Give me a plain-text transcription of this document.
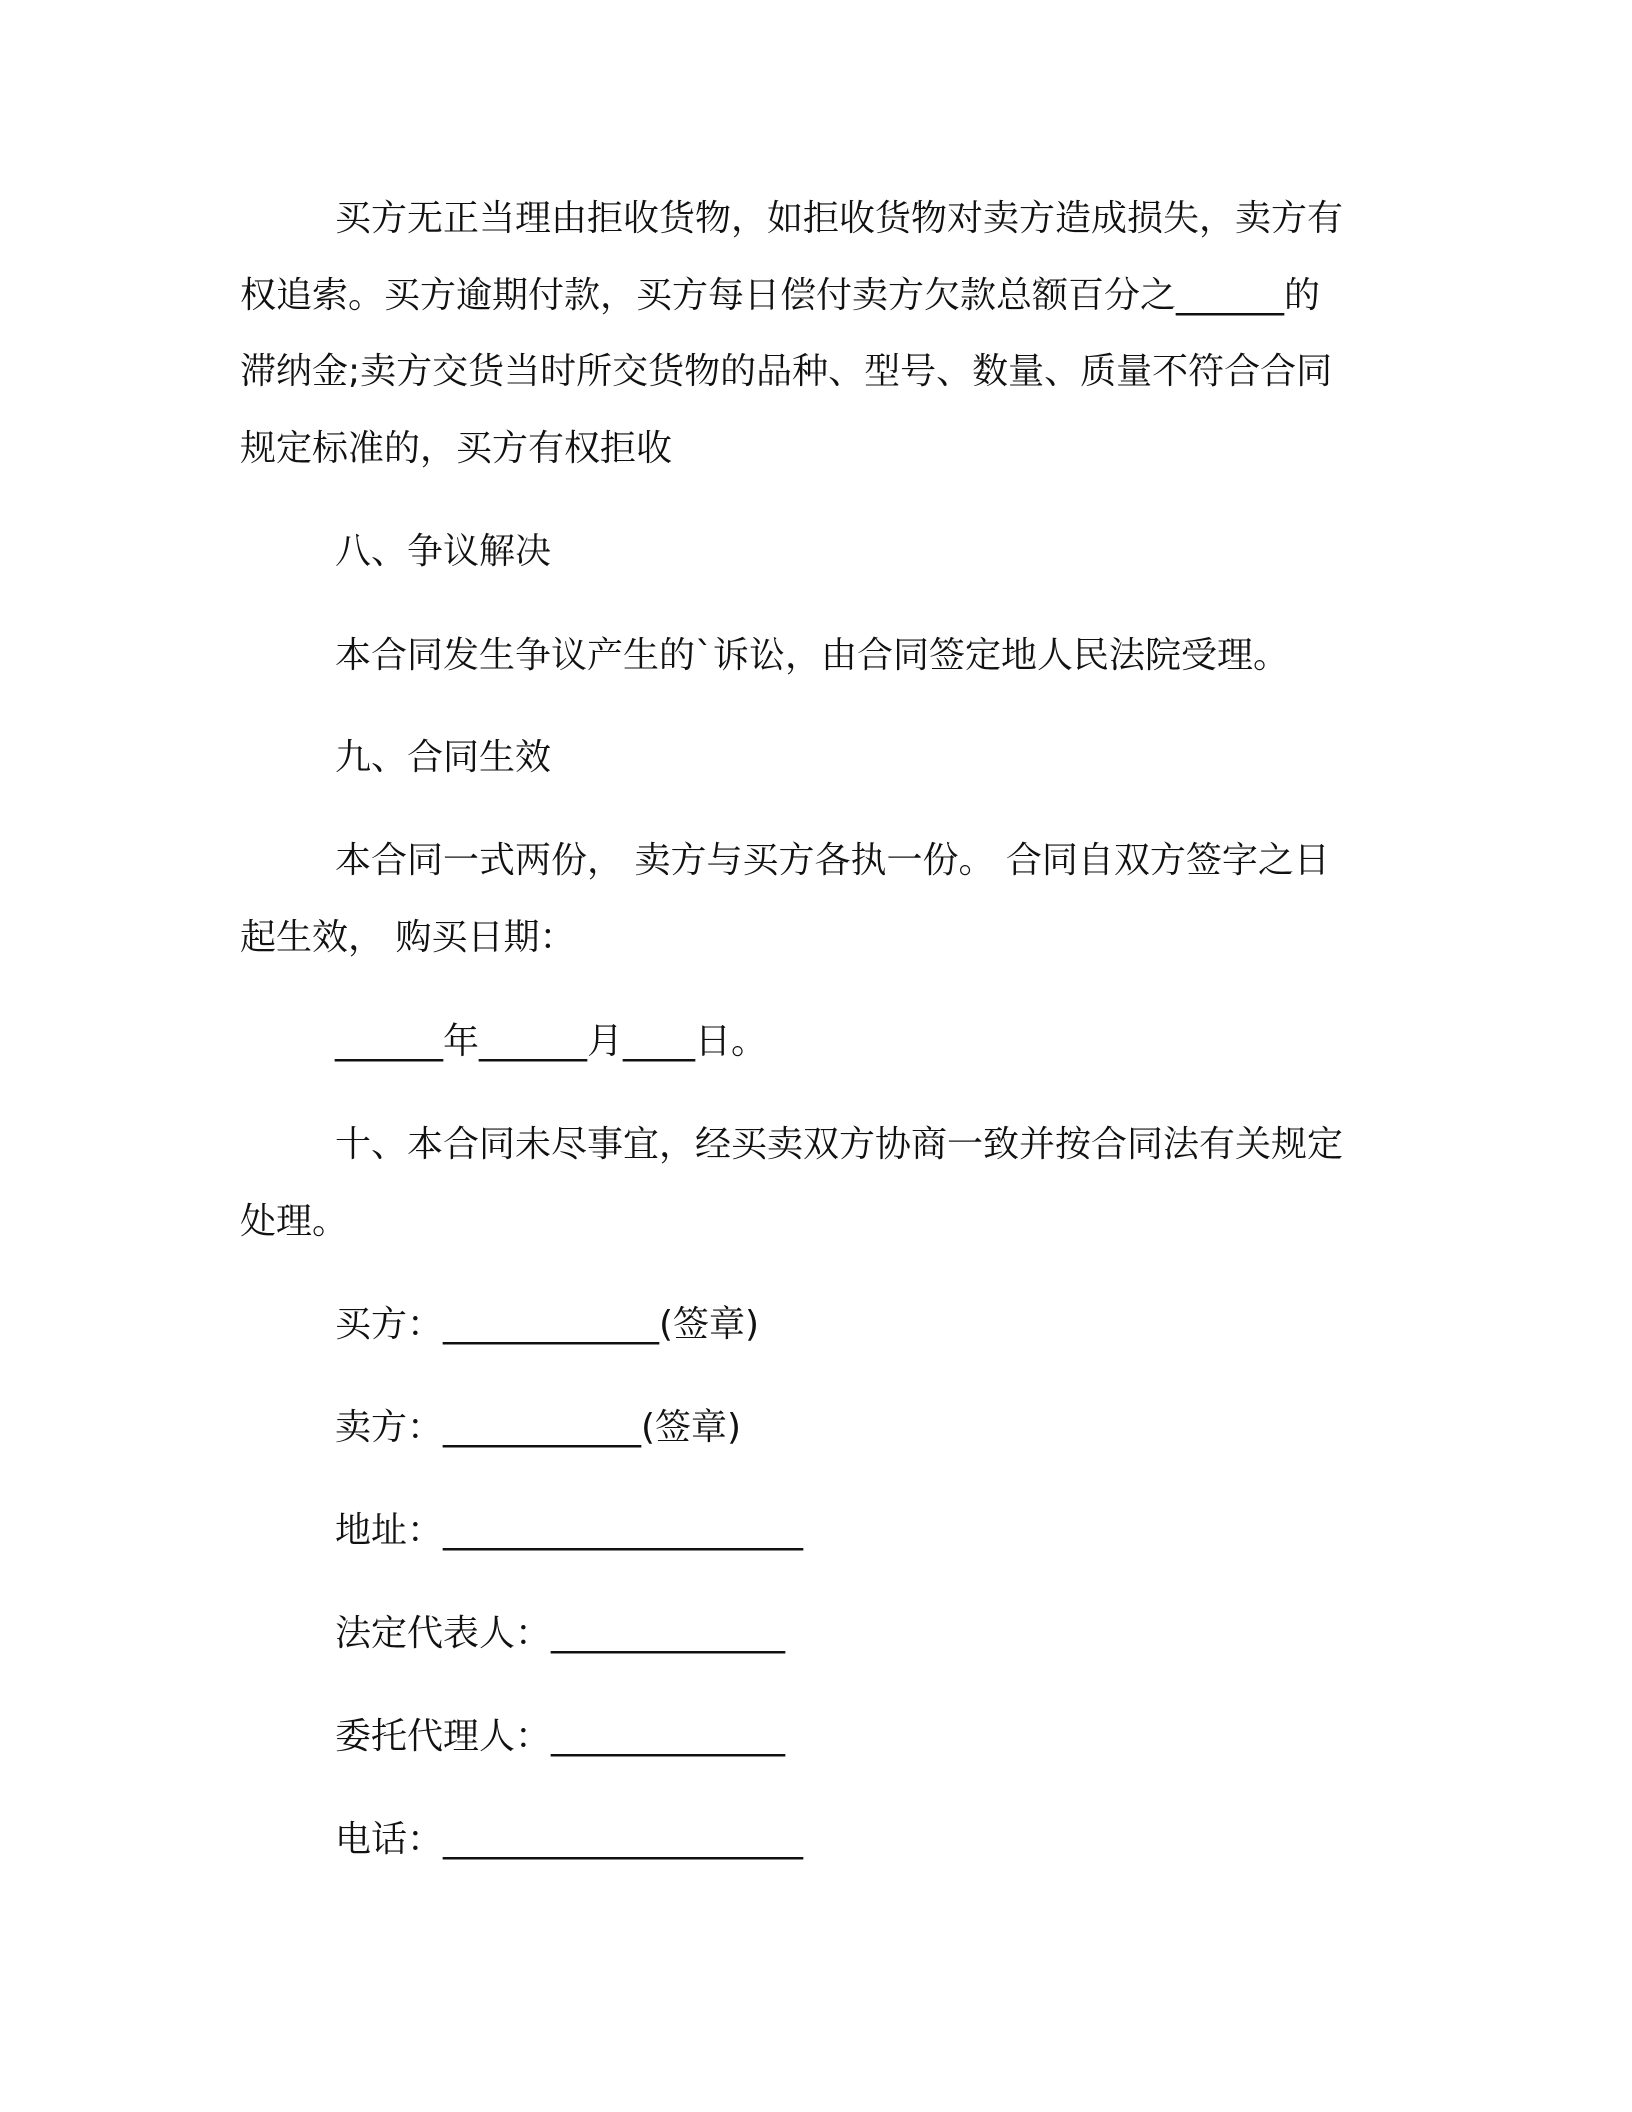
买方无正当理由拒收货物，如拒收货物对卖方造成损失，卖方有
权追索。买方逾期付款，买方每日偿付卖方欠款总额百分之______的
滞纳金;卖方交货当时所交货物的品种、型号、数量、质量不符合合同
规定标准的，买方有权拒收
八、争议解决
本合同发生争议产生的`诉讼，由合同签定地人民法院受理。
九、合同生效
本合同一式两份， 卖方与买方各执一份。 合同自双方签字之日
起生效， 购买日期：
______年______月____日。
十、本合同未尽事宜，经买卖双方协商一致并按合同法有关规定
处理。
买方：____________(签章)
卖方：___________(签章)
地址：____________________
法定代表人：_____________
委托代理人：_____________
电话：____________________
